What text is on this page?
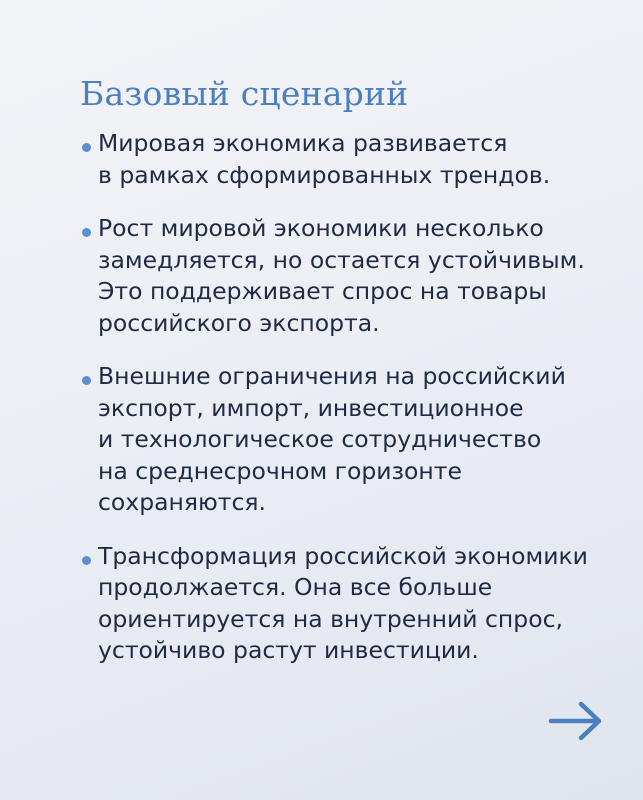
Базовый сценарий
Мировая экономика развивается
в рамках сформированных трендов.
Рост мировой экономики несколько
замедляется, но остается устойчивым.
Это поддерживает спрос на товары
российского экспорта.
Внешние ограничения на российский
экспорт, импорт, инвестиционное
и технологическое сотрудничество
на среднесрочном горизонте
сохраняются.
Трансформация российской экономики
продолжается. Она все больше
ориентируется на внутренний спрос,
устойчиво растут инвестиции.
